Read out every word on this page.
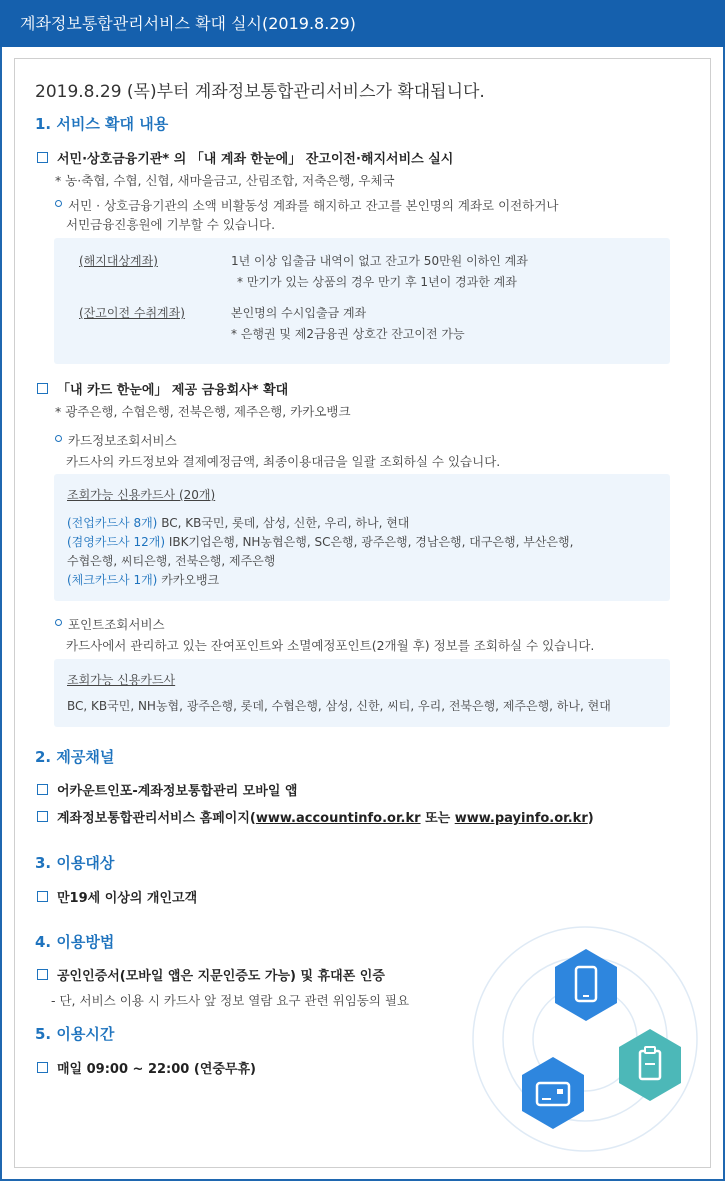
계좌정보통합관리서비스 확대 실시(2019.8.29)
2019.8.29 (목)부터 계좌정보통합관리서비스가 확대됩니다.
1. 서비스 확대 내용
서민·상호금융기관* 의 「내 계좌 한눈에」 잔고이전·해지서비스 실시
* 농·축협, 수협, 신협, 새마을금고, 산림조합, 저축은행, 우체국
서민 · 상호금융기관의 소액 비활동성 계좌를 해지하고 잔고를 본인명의 계좌로 이전하거나
서민금융진흥원에 기부할 수 있습니다.
(해지대상계좌)	1년 이상 입출금 내역이 없고 잔고가 50만원 이하인 계좌
* 만기가 있는 상품의 경우 만기 후 1년이 경과한 계좌
(잔고이전 수취계좌)	본인명의 수시입출금 계좌
* 은행권 및 제2금융권 상호간 잔고이전 가능
「내 카드 한눈에」 제공 금융회사* 확대
* 광주은행, 수협은행, 전북은행, 제주은행, 카카오뱅크
카드정보조회서비스
카드사의 카드정보와 결제예정금액, 최종이용대금을 일괄 조회하실 수 있습니다.
조회가능 신용카드사 (20개)
(전업카드사 8개) BC, KB국민, 롯데, 삼성, 신한, 우리, 하나, 현대
(겸영카드사 12개) IBK기업은행, NH농협은행, SC은행, 광주은행, 경남은행, 대구은행, 부산은행,
수협은행, 씨티은행, 전북은행, 제주은행
(체크카드사 1개) 카카오뱅크
포인트조회서비스
카드사에서 관리하고 있는 잔여포인트와 소멸예정포인트(2개월 후) 정보를 조회하실 수 있습니다.
조회가능 신용카드사
BC, KB국민, NH농협, 광주은행, 롯데, 수협은행, 삼성, 신한, 씨티, 우리, 전북은행, 제주은행, 하나, 현대
2. 제공채널
어카운트인포-계좌정보통합관리 모바일 앱
계좌정보통합관리서비스 홈페이지(www.accountinfo.or.kr 또는 www.payinfo.or.kr)
3. 이용대상
만19세 이상의 개인고객
4. 이용방법
공인인증서(모바일 앱은 지문인증도 가능) 및 휴대폰 인증
- 단, 서비스 이용 시 카드사 앞 정보 열람 요구 관련 위임동의 필요
5. 이용시간
매일 09:00 ~ 22:00 (연중무휴)
